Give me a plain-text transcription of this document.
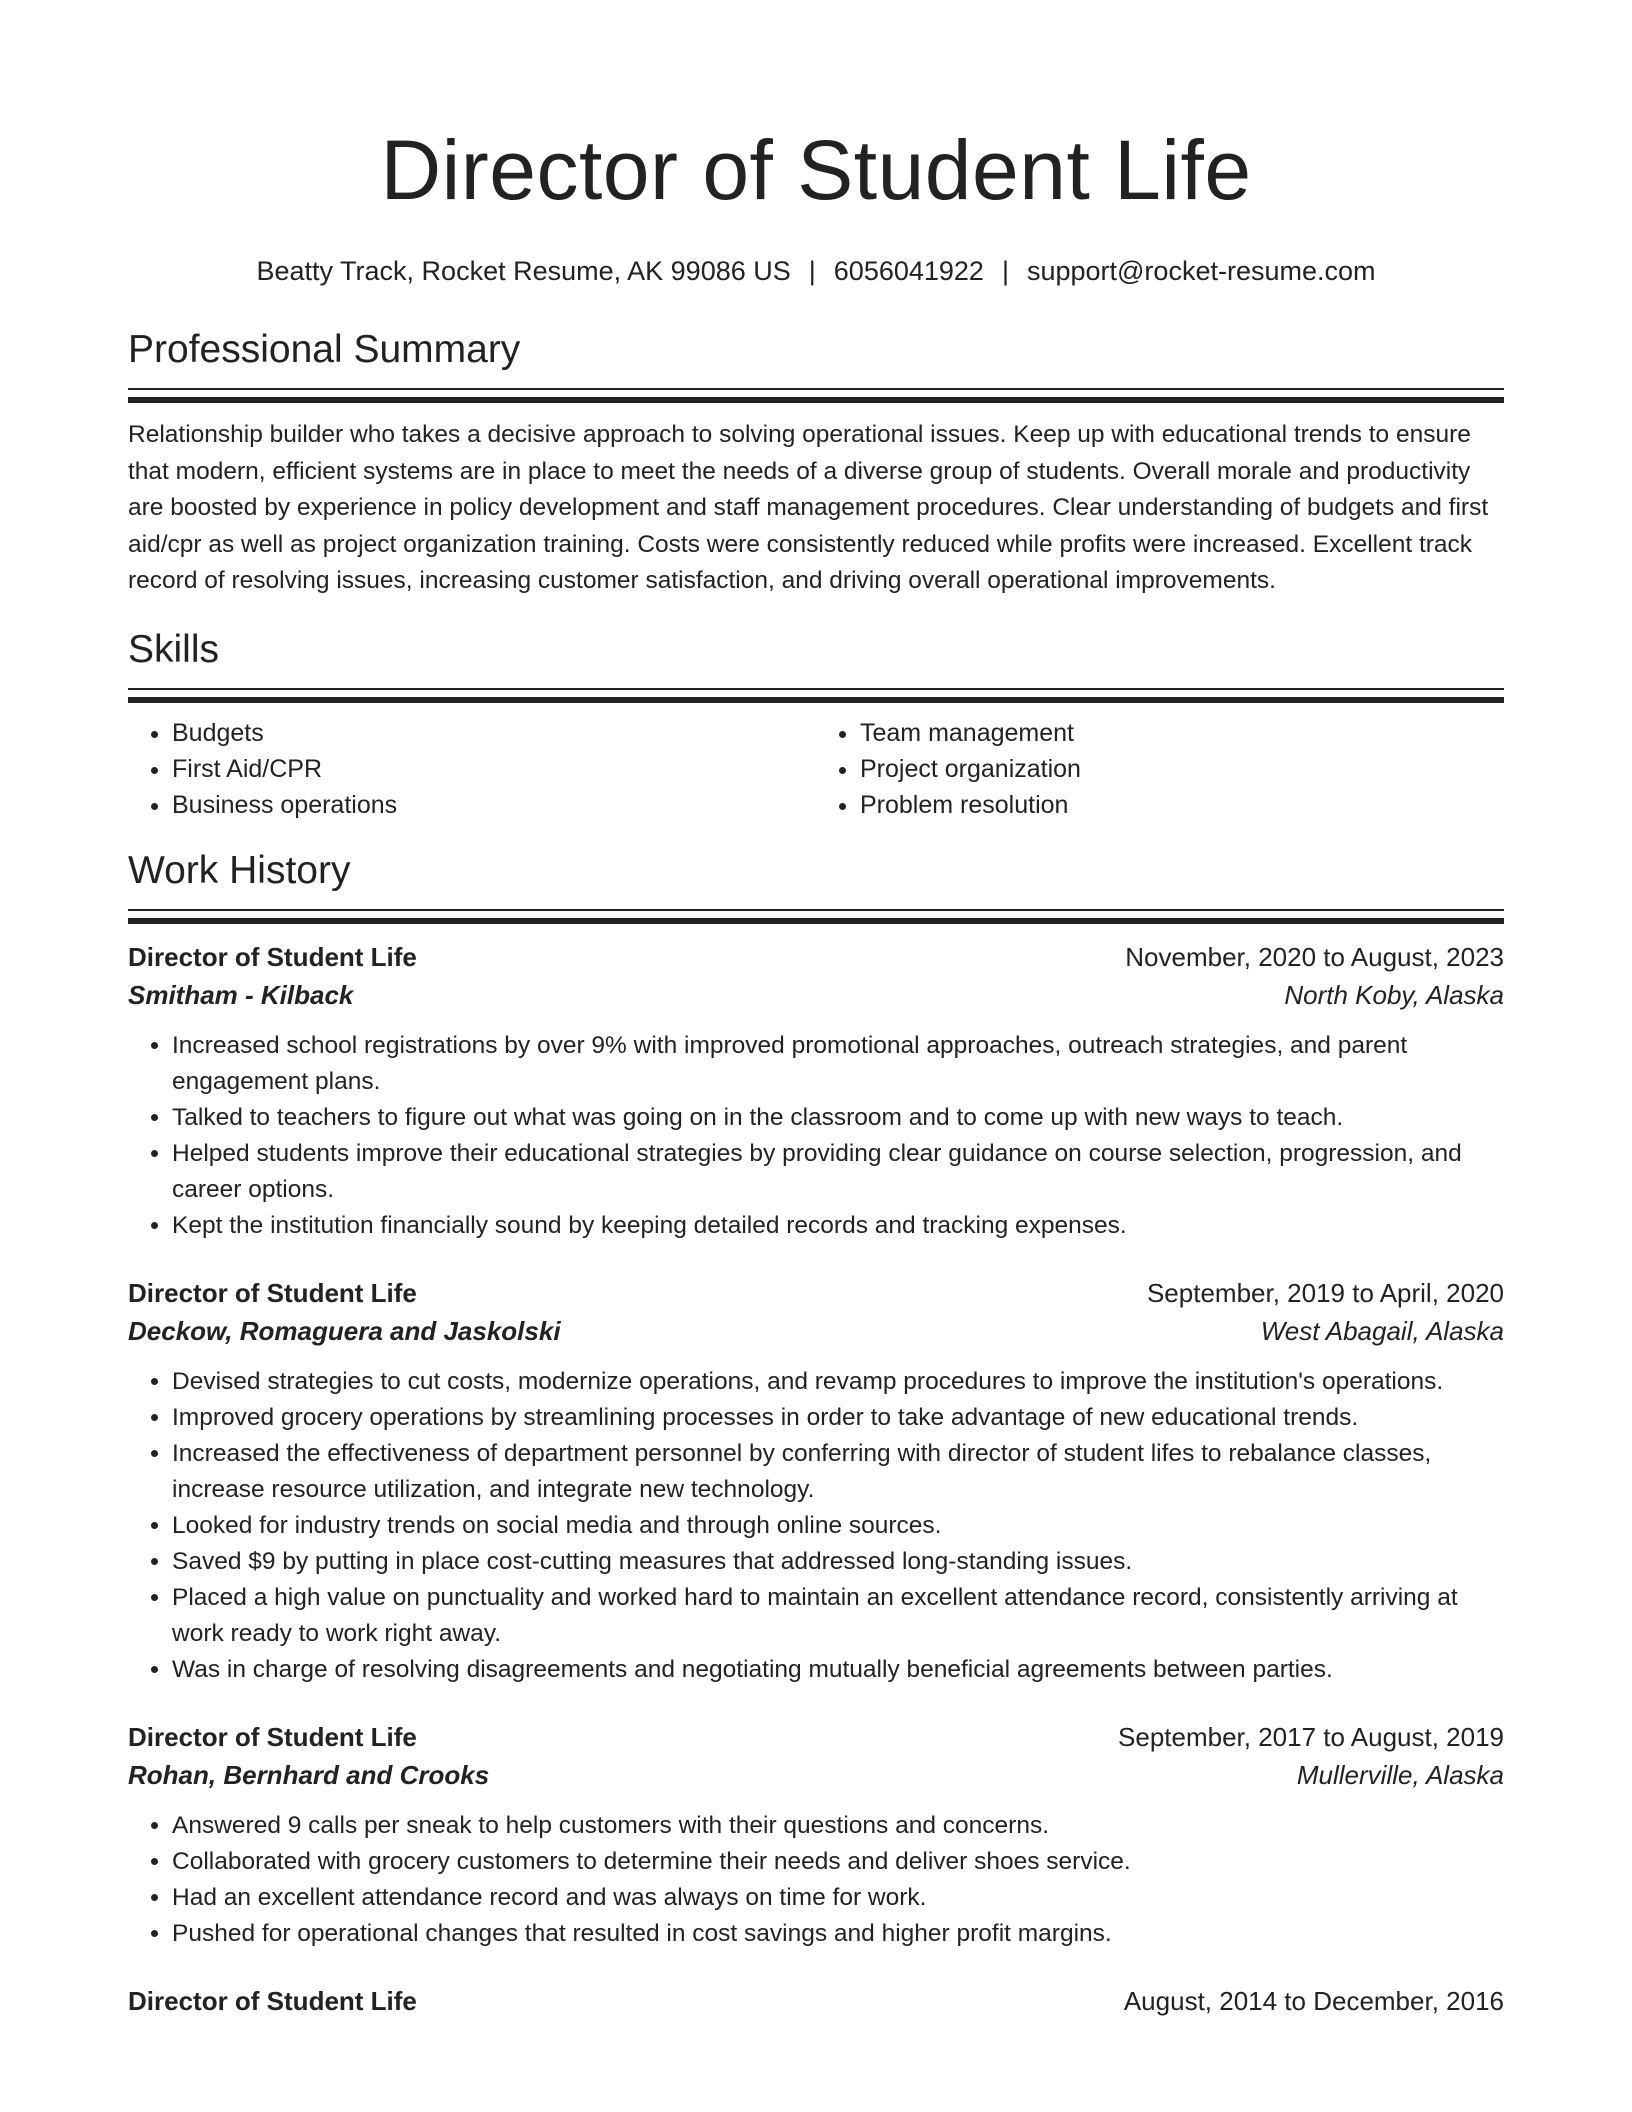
Director of Student Life
Beatty Track, Rocket Resume, AK 99086 US | 6056041922 | support@rocket-resume.com
Professional Summary

Relationship builder who takes a decisive approach to solving operational issues. Keep up with educational trends to ensure that modern, efficient systems are in place to meet the needs of a diverse group of students. Overall morale and productivity are boosted by experience in policy development and staff management procedures. Clear understanding of budgets and first aid/cpr as well as project organization training. Costs were consistently reduced while profits were increased. Excellent track record of resolving issues, increasing customer satisfaction, and driving overall operational improvements.

Skills
• Budgets
• First Aid/CPR
• Business operations
• Team management
• Project organization
• Problem resolution
Work History
Director of Student Life	November, 2020 to August, 2023
Smitham - Kilback	North Koby, Alaska
• Increased school registrations by over 9% with improved promotional approaches, outreach strategies, and parent engagement plans.
• Talked to teachers to figure out what was going on in the classroom and to come up with new ways to teach.
• Helped students improve their educational strategies by providing clear guidance on course selection, progression, and career options.
• Kept the institution financially sound by keeping detailed records and tracking expenses.
Director of Student Life	September, 2019 to April, 2020
Deckow, Romaguera and Jaskolski	West Abagail, Alaska
• Devised strategies to cut costs, modernize operations, and revamp procedures to improve the institution's operations.
• Improved grocery operations by streamlining processes in order to take advantage of new educational trends.
• Increased the effectiveness of department personnel by conferring with director of student lifes to rebalance classes, increase resource utilization, and integrate new technology.
• Looked for industry trends on social media and through online sources.
• Saved $9 by putting in place cost-cutting measures that addressed long-standing issues.
• Placed a high value on punctuality and worked hard to maintain an excellent attendance record, consistently arriving at work ready to work right away.
• Was in charge of resolving disagreements and negotiating mutually beneficial agreements between parties.
Director of Student Life	September, 2017 to August, 2019
Rohan, Bernhard and Crooks	Mullerville, Alaska
• Answered 9 calls per sneak to help customers with their questions and concerns.
• Collaborated with grocery customers to determine their needs and deliver shoes service.
• Had an excellent attendance record and was always on time for work.
• Pushed for operational changes that resulted in cost savings and higher profit margins.
Director of Student Life	August, 2014 to December, 2016
